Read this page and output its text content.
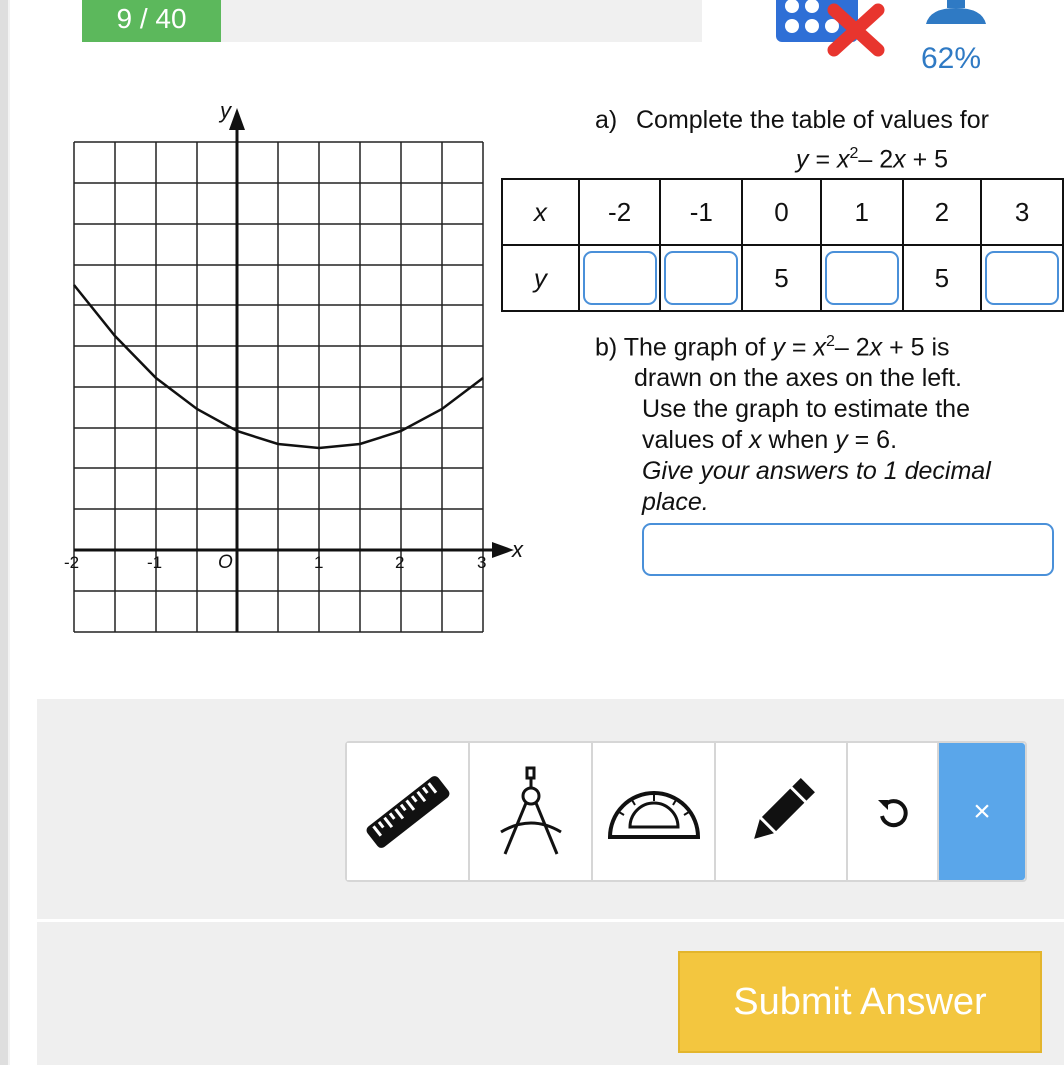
9 / 40
62%
y
x
O
-2	-1	1	2	3
a) Complete the table of values for
$y = x^2-$ 2x + 5
x	-2	-1	0	1	2	3
y			5		5	
b) The graph of $y = x^2-$ 2x + 5 is
drawn on the axes on the left.
Use the graph to estimate the
values of x when y = 6.
Give your answers to 1 decimal
place.
×
Submit Answer
